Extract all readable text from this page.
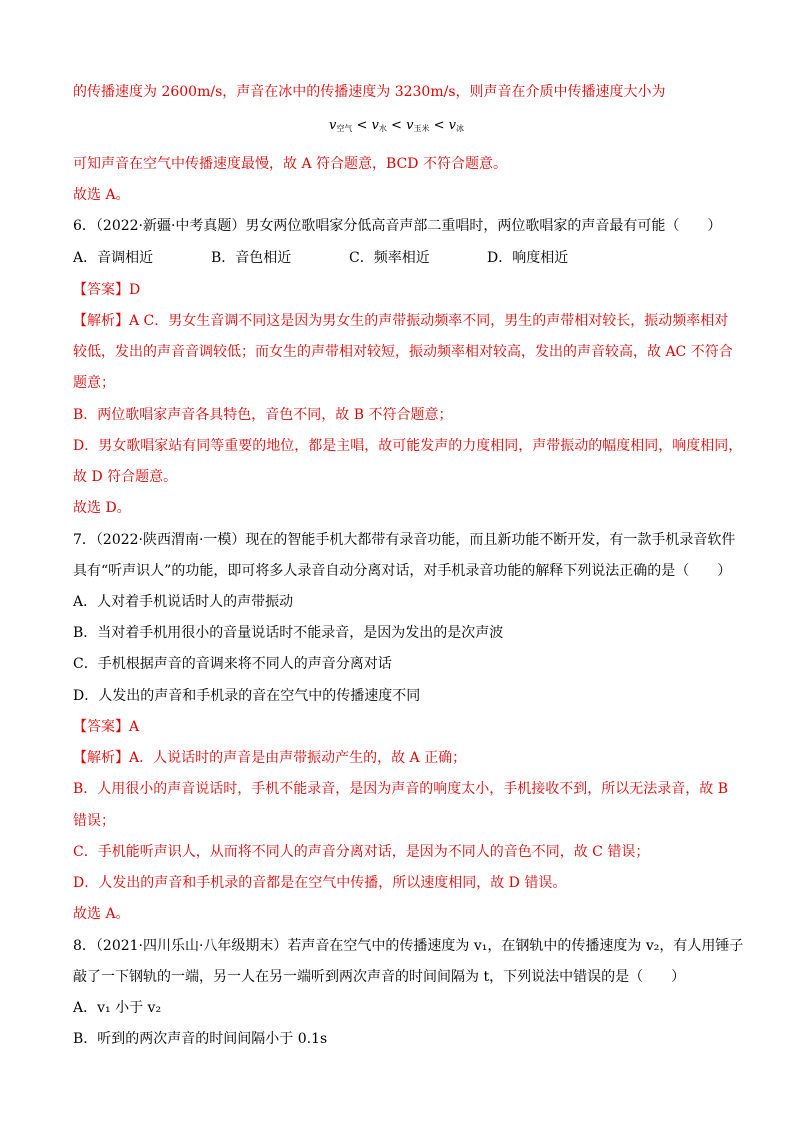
的传播速度为 2600m/s，声音在冰中的传播速度为 3230m/s，则声音在介质中传播速度大小为
$v_{空气} < v_水 < v_{玉米} < v_冰$
可知声音在空气中传播速度最慢，故 A 符合题意，BCD 不符合题意。
故选 A。
6．（2022·新疆·中考真题）男女两位歌唱家分低高音声部二重唱时，两位歌唱家的声音最有可能（　　）
A．音调相近	B．音色相近	C．频率相近	D．响度相近
【答案】D
【解析】A C．男女生音调不同这是因为男女生的声带振动频率不同，男生的声带相对较长，振动频率相对
较低，发出的声音音调较低；而女生的声带相对较短，振动频率相对较高，发出的声音较高，故 AC 不符合
题意；
B．两位歌唱家声音各具特色，音色不同，故 B 不符合题意；
D．男女歌唱家站有同等重要的地位，都是主唱，故可能发声的力度相同，声带振动的幅度相同，响度相同，
故 D 符合题意。
故选 D。
7．（2022·陕西渭南·一模）现在的智能手机大都带有录音功能，而且新功能不断开发，有一款手机录音软件
具有“听声识人”的功能，即可将多人录音自动分离对话，对手机录音功能的解释下列说法正确的是（　　）
A．人对着手机说话时人的声带振动
B．当对着手机用很小的音量说话时不能录音，是因为发出的是次声波
C．手机根据声音的音调来将不同人的声音分离对话
D．人发出的声音和手机录的音在空气中的传播速度不同
【答案】A
【解析】A．人说话时的声音是由声带振动产生的，故 A 正确；
B．人用很小的声音说话时，手机不能录音，是因为声音的响度太小，手机接收不到，所以无法录音，故 B
错误；
C．手机能听声识人，从而将不同人的声音分离对话，是因为不同人的音色不同，故 C 错误；
D．人发出的声音和手机录的音都是在空气中传播，所以速度相同，故 D 错误。
故选 A。
8．（2021·四川乐山·八年级期末）若声音在空气中的传播速度为 v₁，在钢轨中的传播速度为 v₂，有人用锤子
敲了一下钢轨的一端，另一人在另一端听到两次声音的时间间隔为 t，下列说法中错误的是（　　）
A．v₁ 小于 v₂
B．听到的两次声音的时间间隔小于 0.1s
